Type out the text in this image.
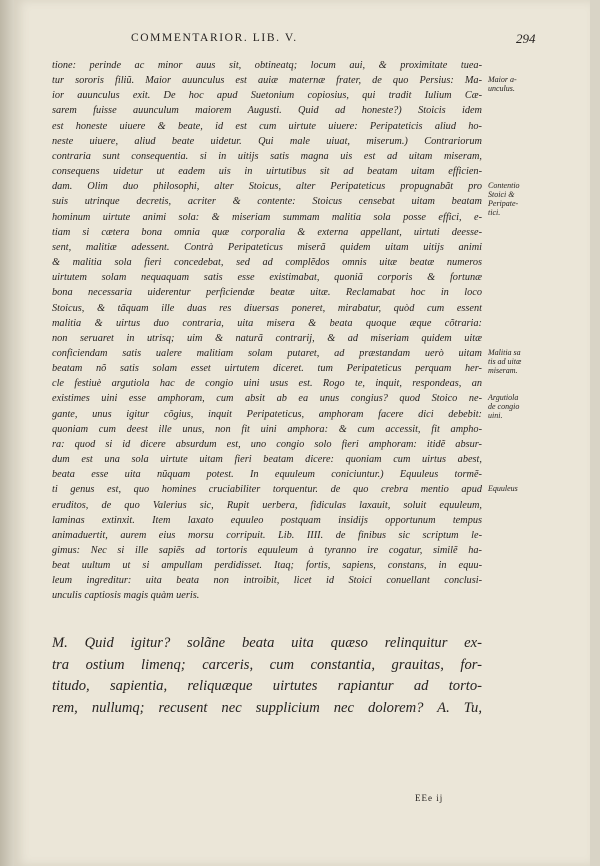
COMMENTARIOR. LIB. V.	294
tione: perinde ac minor auus sit, obtineatq; locum aui, & proximitate tuea-
tur sororis filiũ. Maior auunculus est auiæ maternæ frater, de quo Persius: Ma-
ior auunculus exit. De hoc apud Suetonium copiosius, qui tradit Iulium Cæ-
sarem fuisse auunculum maiorem Augusti. Quid ad honeste?) Stoicis idem
est honeste uiuere & beate, id est cum uirtute uiuere: Peripateticis aliud ho-
neste uiuere, aliud beate uidetur. Qui male uiuat, miserum.) Contrariorum
contraria sunt consequentia. si in uitijs satis magna uis est ad uitam miseram,
consequens uidetur ut eadem uis in uirtutibus sit ad beatam uitam efficien-
dam. Olim duo philosophi, alter Stoicus, alter Peripateticus propugnabãt pro
suis utrinque decretis, acriter & contente: Stoicus censebat uitam beatam
hominum uirtute animi sola: & miseriam summam malitia sola posse effici, e-
tiam si cætera bona omnia quæ corporalia & externa appellant, uirtuti deesse-
sent, malitiæ adessent. Contrà Peripateticus miserã quidem uitam uitijs animi
& malitia sola fieri concedebat, sed ad complẽdos omnis uitæ beatæ numeros
uirtutem solam nequaquam satis esse existimabat, quoniã corporis & fortunæ
bona necessaria uiderentur perficiendæ beatæ uitæ. Reclamabat hoc in loco
Stoicus, & tãquam ille duas res diuersas poneret, mirabatur, quòd cum essent
malitia & uirtus duo contraria, uita misera & beata quoque æque cõtraria:
non seruaret in utrisq; uim & naturã contrarij, & ad miseriam quidem uitæ
conficiendam satis ualere malitiam solam putaret, ad præstandam uerò uitam
beatam nõ satis solam esset uirtutem diceret. tum Peripateticus perquam her-
cle festiuè argutiola hac de congio uini usus est. Rogo te, inquit, respondeas, an
existimes uini esse amphoram, cum absit ab ea unus congius? quod Stoico ne-
gante, unus igitur cõgius, inquit Peripateticus, amphoram facere dici debebit:
quoniam cum deest ille unus, non fit uini amphora: & cum accessit, fit ampho-
ra: quod si id dicere absurdum est, uno congio solo fieri amphoram: itidẽ absur-
dum est una sola uirtute uitam fieri beatam dicere: quoniam cum uirtus abest,
beata esse uita nũquam potest. In equuleum coniciuntur.) Equuleus tormẽ-
ti genus est, quo homines cruciabiliter torquentur. de quo crebra mentio apud
eruditos, de quo Valerius sic, Rupit uerbera, fidiculas laxauit, soluit equuleum,
laminas extinxit. Item laxato equuleo postquam insidijs opportunum tempus
animaduertit, aurem eius morsu corripuit. Lib. IIII. de finibus sic scriptum le-
gimus: Nec si ille sapiẽs ad tortoris equuleum à tyranno ire cogatur, similẽ ha-
beat uultum ut si ampullam perdidisset. Itaq; fortis, sapiens, constans, in equu-
leum ingreditur: uita beata non introibit, licet id Stoici conuellant conclusi-
unculis captiosis magis quàm ueris.
Maior a-
unculus.
Contentio
Stoici &
Peripate-
tici.
Malitia sa
tis ad uitæ
miseram.
Argutiola
de congio
uini.
Equuleus
M. Quid igitur? solãne beata uita quæso relinquitur ex-
tra ostium limenq; carceris, cum constantia, grauitas, for-
titudo, sapientia, reliquæque uirtutes rapiantur ad torto-
rem, nullumq; recusent nec supplicium nec dolorem? A. Tu,
EEe ij
